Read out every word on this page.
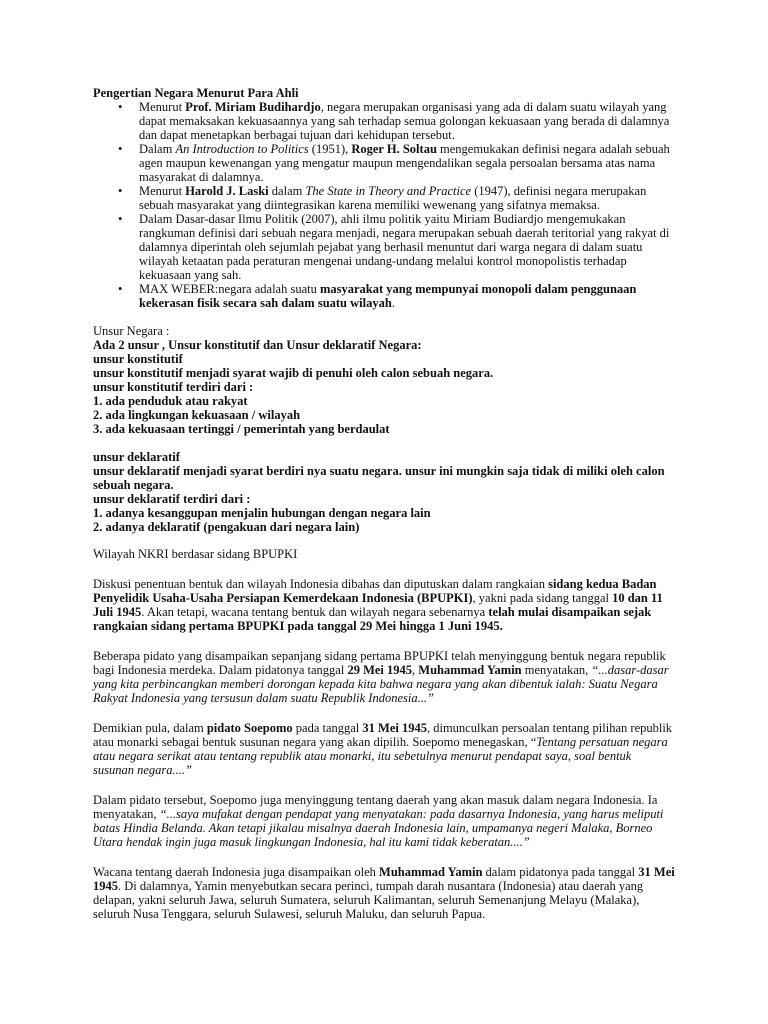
Pengertian Negara Menurut Para Ahli

• Menurut Prof. Miriam Budihardjo, negara merupakan organisasi yang ada di dalam suatu wilayah yang dapat memaksakan kekuasaannya yang sah terhadap semua golongan kekuasaan yang berada di dalamnya dan dapat menetapkan berbagai tujuan dari kehidupan tersebut.
• Dalam An Introduction to Politics (1951), Roger H. Soltau mengemukakan definisi negara adalah sebuah agen maupun kewenangan yang mengatur maupun mengendalikan segala persoalan bersama atas nama masyarakat di dalamnya.
• Menurut Harold J. Laski dalam The State in Theory and Practice (1947), definisi negara merupakan sebuah masyarakat yang diintegrasikan karena memiliki wewenang yang sifatnya memaksa.
• Dalam Dasar-dasar Ilmu Politik (2007), ahli ilmu politik yaitu Miriam Budiardjo mengemukakan rangkuman definisi dari sebuah negara menjadi, negara merupakan sebuah daerah teritorial yang rakyat di dalamnya diperintah oleh sejumlah pejabat yang berhasil menuntut dari warga negara di dalam suatu wilayah ketaatan pada peraturan mengenai undang-undang melalui kontrol monopolistis terhadap kekuasaan yang sah.
• MAX WEBER:negara adalah suatu masyarakat yang mempunyai monopoli dalam penggunaan kekerasan fisik secara sah dalam suatu wilayah.

Unsur Negara :

Ada 2 unsur , Unsur konstitutif dan Unsur deklaratif Negara:

unsur konstitutif

unsur konstitutif menjadi syarat wajib di penuhi oleh calon sebuah negara.

unsur konstitutif terdiri dari :

1. ada penduduk atau rakyat

2. ada lingkungan kekuasaan / wilayah

3. ada kekuasaan tertinggi / pemerintah yang berdaulat

unsur deklaratif

unsur deklaratif menjadi syarat berdiri nya suatu negara. unsur ini mungkin saja tidak di miliki oleh calon sebuah negara.

unsur deklaratif terdiri dari :

1. adanya kesanggupan menjalin hubungan dengan negara lain

2. adanya deklaratif (pengakuan dari negara lain)

Wilayah NKRI berdasar sidang BPUPKI

Diskusi penentuan bentuk dan wilayah Indonesia dibahas dan diputuskan dalam rangkaian sidang kedua Badan Penyelidik Usaha-Usaha Persiapan Kemerdekaan Indonesia (BPUPKI), yakni pada sidang tanggal 10 dan 11 Juli 1945. Akan tetapi, wacana tentang bentuk dan wilayah negara sebenarnya telah mulai disampaikan sejak rangkaian sidang pertama BPUPKI pada tanggal 29 Mei hingga 1 Juni 1945.

Beberapa pidato yang disampaikan sepanjang sidang pertama BPUPKI telah menyinggung bentuk negara republik bagi Indonesia merdeka. Dalam pidatonya tanggal 29 Mei 1945, Muhammad Yamin menyatakan, “...dasar-dasar yang kita perbincangkan memberi dorongan kepada kita bahwa negara yang akan dibentuk ialah: Suatu Negara Rakyat Indonesia yang tersusun dalam suatu Republik Indonesia...”

Demikian pula, dalam pidato Soepomo pada tanggal 31 Mei 1945, dimunculkan persoalan tentang pilihan republik atau monarki sebagai bentuk susunan negara yang akan dipilih. Soepomo menegaskan, “Tentang persatuan negara atau negara serikat atau tentang republik atau monarki, itu sebetulnya menurut pendapat saya, soal bentuk susunan negara....”

Dalam pidato tersebut, Soepomo juga menyinggung tentang daerah yang akan masuk dalam negara Indonesia. Ia menyatakan, “...saya mufakat dengan pendapat yang menyatakan: pada dasarnya Indonesia, yang harus meliputi batas Hindia Belanda. Akan tetapi jikalau misalnya daerah Indonesia lain, umpamanya negeri Malaka, Borneo Utara hendak ingin juga masuk lingkungan Indonesia, hal itu kami tidak keberatan....”

Wacana tentang daerah Indonesia juga disampaikan oleh Muhammad Yamin dalam pidatonya pada tanggal 31 Mei 1945. Di dalamnya, Yamin menyebutkan secara perinci, tumpah darah nusantara (Indonesia) atau daerah yang delapan, yakni seluruh Jawa, seluruh Sumatera, seluruh Kalimantan, seluruh Semenanjung Melayu (Malaka), seluruh Nusa Tenggara, seluruh Sulawesi, seluruh Maluku, dan seluruh Papua.
